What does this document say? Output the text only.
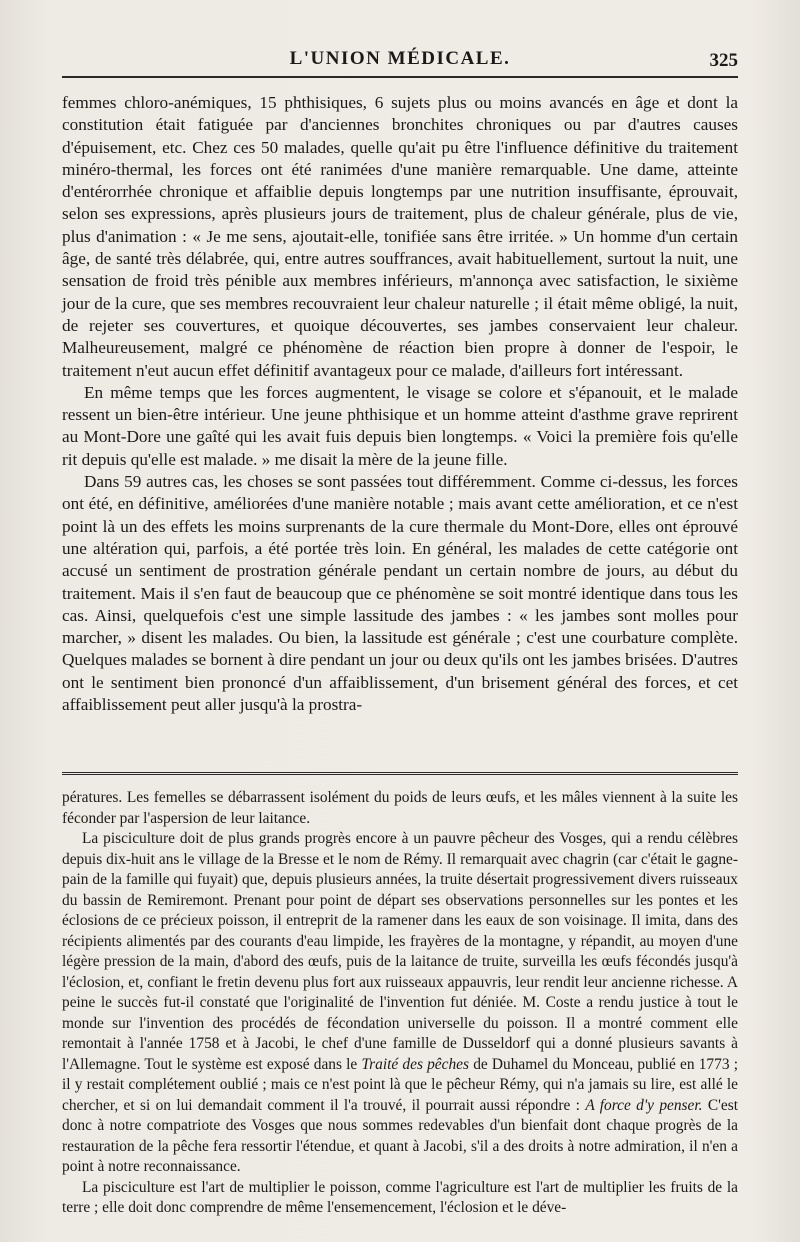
L'UNION MÉDICALE.	325

femmes chloro-anémiques, 15 phthisiques, 6 sujets plus ou moins avancés en âge et dont la constitution était fatiguée par d'anciennes bronchites chroniques ou par d'autres causes d'épuisement, etc. Chez ces 50 malades, quelle qu'ait pu être l'influence définitive du traitement minéro-thermal, les forces ont été ranimées d'une manière remarquable. Une dame, atteinte d'entérorrhée chronique et affaiblie depuis longtemps par une nutrition insuffisante, éprouvait, selon ses expressions, après plusieurs jours de traitement, plus de chaleur générale, plus de vie, plus d'animation : « Je me sens, ajoutait-elle, tonifiée sans être irritée. » Un homme d'un certain âge, de santé très délabrée, qui, entre autres souffrances, avait habituellement, surtout la nuit, une sensation de froid très pénible aux membres inférieurs, m'annonça avec satisfaction, le sixième jour de la cure, que ses membres recouvraient leur chaleur naturelle ; il était même obligé, la nuit, de rejeter ses couvertures, et quoique découvertes, ses jambes conservaient leur chaleur. Malheureusement, malgré ce phénomène de réaction bien propre à donner de l'espoir, le traitement n'eut aucun effet définitif avantageux pour ce malade, d'ailleurs fort intéressant.

En même temps que les forces augmentent, le visage se colore et s'épanouit, et le malade ressent un bien-être intérieur. Une jeune phthisique et un homme atteint d'asthme grave reprirent au Mont-Dore une gaîté qui les avait fuis depuis bien longtemps. « Voici la première fois qu'elle rit depuis qu'elle est malade. » me disait la mère de la jeune fille.

Dans 59 autres cas, les choses se sont passées tout différemment. Comme ci-dessus, les forces ont été, en définitive, améliorées d'une manière notable ; mais avant cette amélioration, et ce n'est point là un des effets les moins surprenants de la cure thermale du Mont-Dore, elles ont éprouvé une altération qui, parfois, a été portée très loin. En général, les malades de cette catégorie ont accusé un sentiment de prostration générale pendant un certain nombre de jours, au début du traitement. Mais il s'en faut de beaucoup que ce phénomène se soit montré identique dans tous les cas. Ainsi, quelquefois c'est une simple lassitude des jambes : « les jambes sont molles pour marcher, » disent les malades. Ou bien, la lassitude est générale ; c'est une courbature complète. Quelques malades se bornent à dire pendant un jour ou deux qu'ils ont les jambes brisées. D'autres ont le sentiment bien prononcé d'un affaiblissement, d'un brisement général des forces, et cet affaiblissement peut aller jusqu'à la prostra-

pératures. Les femelles se débarrassent isolément du poids de leurs œufs, et les mâles viennent à la suite les féconder par l'aspersion de leur laitance.

La pisciculture doit de plus grands progrès encore à un pauvre pêcheur des Vosges, qui a rendu célèbres depuis dix-huit ans le village de la Bresse et le nom de Rémy. Il remarquait avec chagrin (car c'était le gagne-pain de la famille qui fuyait) que, depuis plusieurs années, la truite désertait progressivement divers ruisseaux du bassin de Remiremont. Prenant pour point de départ ses observations personnelles sur les pontes et les éclosions de ce précieux poisson, il entreprit de la ramener dans les eaux de son voisinage. Il imita, dans des récipients alimentés par des courants d'eau limpide, les frayères de la montagne, y répandit, au moyen d'une légère pression de la main, d'abord des œufs, puis de la laitance de truite, surveilla les œufs fécondés jusqu'à l'éclosion, et, confiant le fretin devenu plus fort aux ruisseaux appauvris, leur rendit leur ancienne richesse. A peine le succès fut-il constaté que l'originalité de l'invention fut déniée. M. Coste a rendu justice à tout le monde sur l'invention des procédés de fécondation universelle du poisson. Il a montré comment elle remontait à l'année 1758 et à Jacobi, le chef d'une famille de Dusseldorf qui a donné plusieurs savants à l'Allemagne. Tout le système est exposé dans le Traité des pêches de Duhamel du Monceau, publié en 1773 ; il y restait complétement oublié ; mais ce n'est point là que le pêcheur Rémy, qui n'a jamais su lire, est allé le chercher, et si on lui demandait comment il l'a trouvé, il pourrait aussi répondre : A force d'y penser. C'est donc à notre compatriote des Vosges que nous sommes redevables d'un bienfait dont chaque progrès de la restauration de la pêche fera ressortir l'étendue, et quant à Jacobi, s'il a des droits à notre admiration, il n'en a point à notre reconnaissance.

La pisciculture est l'art de multiplier le poisson, comme l'agriculture est l'art de multiplier les fruits de la terre ; elle doit donc comprendre de même l'ensemencement, l'éclosion et le déve-
